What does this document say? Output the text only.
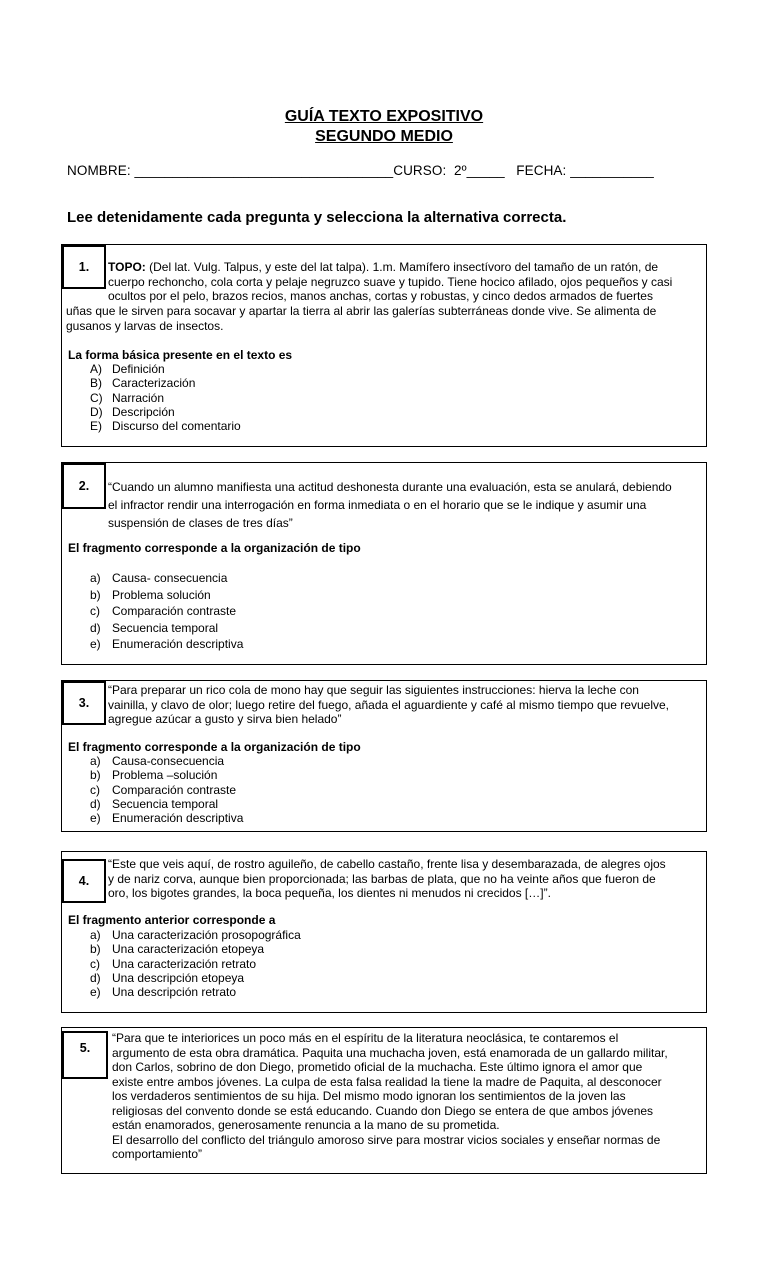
GUÍA TEXTO EXPOSITIVO
SEGUNDO MEDIO
NOMBRE: __________________________________CURSO:  2º_____   FECHA: ___________
Lee detenidamente cada pregunta y selecciona la alternativa correcta.
1.	TOPO: (Del lat. Vulg. Talpus, y este del lat talpa). 1.m. Mamífero insectívoro del tamaño de un ratón, de
cuerpo rechoncho, cola corta y pelaje negruzco suave y tupido. Tiene hocico afilado, ojos pequeños y casi
ocultos por el pelo, brazos recios, manos anchas, cortas y robustas, y cinco dedos armados de fuertes
uñas que le sirven para socavar y apartar la tierra al abrir las galerías subterráneas donde vive. Se alimenta de
gusanos y larvas de insectos.
La forma básica presente en el texto es
A) Definición
B) Caracterización
C) Narración
D) Descripción
E) Discurso del comentario
2.	“Cuando un alumno manifiesta una actitud deshonesta durante una evaluación, esta se anulará, debiendo
el infractor rendir una interrogación en forma inmediata o en el horario que se le indique y asumir una
suspensión de clases de tres días”
El fragmento corresponde a la organización de tipo
a) Causa- consecuencia
b) Problema solución
c)	Comparación contraste
d) Secuencia temporal
e) Enumeración descriptiva
3.
“Para preparar un rico cola de mono hay que seguir las siguientes instrucciones: hierva la leche con
vainilla, y clavo de olor; luego retire del fuego, añada el aguardiente y café al mismo tiempo que revuelve,
agregue azúcar a gusto y sirva bien helado”
El fragmento corresponde a la organización de tipo
a) Causa-consecuencia
b) Problema –solución
c)	Comparación contraste
d) Secuencia temporal
e) Enumeración descriptiva
4.
“Este que veis aquí, de rostro aguileño, de cabello castaño, frente lisa y desembarazada, de alegres ojos
y de nariz corva, aunque bien proporcionada; las barbas de plata, que no ha veinte años que fueron de
oro, los bigotes grandes, la boca pequeña, los dientes ni menudos ni crecidos […]”.
El fragmento anterior corresponde a
a) Una caracterización prosopográfica
b) Una caracterización etopeya
c)	Una caracterización retrato
d) Una descripción etopeya
e) Una descripción retrato
5.
“Para que te interiorices un poco más en el espíritu de la literatura neoclásica, te contaremos el
argumento de esta obra dramática. Paquita una muchacha joven, está enamorada de un gallardo militar,
don Carlos, sobrino de don Diego, prometido oficial de la muchacha. Este último ignora el amor que
existe entre ambos jóvenes. La culpa de esta falsa realidad la tiene la madre de Paquita, al desconocer
los verdaderos sentimientos de su hija. Del mismo modo ignoran los sentimientos de la joven las
religiosas del convento donde se está educando. Cuando don Diego se entera de que ambos jóvenes
están enamorados, generosamente renuncia a la mano de su prometida.
El desarrollo del conflicto del triángulo amoroso sirve para mostrar vicios sociales y enseñar normas de
comportamiento”
